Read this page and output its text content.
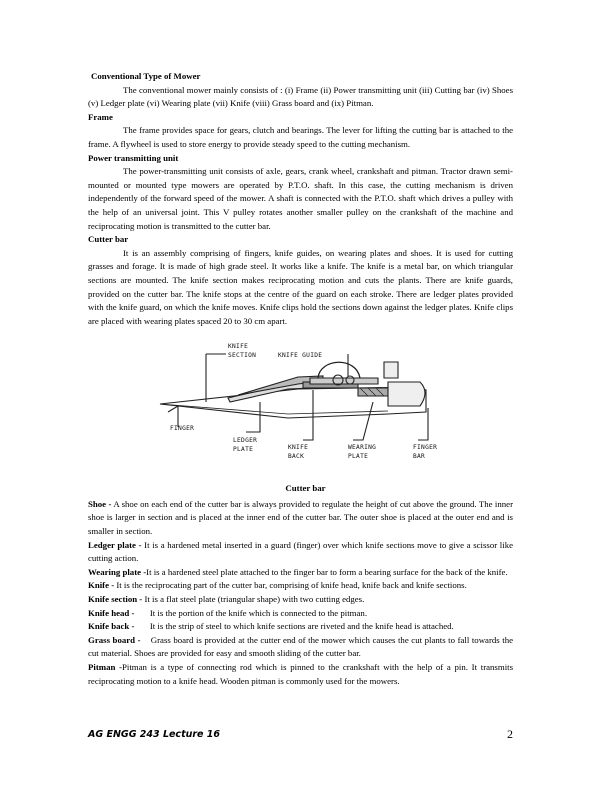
Conventional Type of Mower

The conventional mower mainly consists of : (i) Frame (ii) Power transmitting unit (iii) Cutting bar (iv) Shoes (v) Ledger plate (vi) Wearing plate (vii) Knife (viii) Grass board and (ix) Pitman.

Frame

The frame provides space for gears, clutch and bearings. The lever for lifting the cutting bar is attached to the frame. A flywheel is used to store energy to provide steady speed to the cutting mechanism.

Power transmitting unit

The power-transmitting unit consists of axle, gears, crank wheel, crankshaft and pitman. Tractor drawn semi-mounted or mounted type mowers are operated by P.T.O. shaft. In this case, the cutting mechanism is driven independently of the forward speed of the mower. A shaft is connected with the P.T.O. shaft which drives a pulley with the help of an universal joint. This V pulley rotates another smaller pulley on the crankshaft of the machine and reciprocating motion is transmitted to the cutter bar.

Cutter bar

It is an assembly comprising of fingers, knife guides, on wearing plates and shoes. It is used for cutting grasses and forage. It is made of high grade steel. It works like a knife. The knife is a metal bar, on which triangular sections are mounted. The knife section makes reciprocating motion and cuts the plants. There are knife guards, provided on the cutter bar. The knife stops at the centre of the guard on each stroke. There are ledger plates provided with the knife guard, on which the knife moves. Knife clips hold the sections down against the ledger plates. Knife clips are placed with wearing plates spaced 20 to 30 cm apart.

KNIFE
SECTION	KNIFE GUIDE
FINGER
LEDGER
PLATE	KNIFE
BACK
WEARING
PLATE
FINGER
BAR
Cutter bar

Shoe - A shoe on each end of the cutter bar is always provided to regulate the height of cut above the ground. The inner shoe is larger in section and is placed at the inner end of the cutter bar. The outer shoe is placed at the outer end and is smaller in section.

Ledger plate - It is a hardened metal inserted in a guard (finger) over which knife sections move to give a scissor like cutting action.

Wearing plate -It is a hardened steel plate attached to the finger bar to form a bearing surface for the back of the knife.

Knife - It is the reciprocating part of the cutter bar, comprising of knife head, knife back and knife sections.

Knife section - It is a flat steel plate (triangular shape) with two cutting edges.

Knife head - It is the portion of the knife which is connected to the pitman.

Knife back - It is the strip of steel to which knife sections are riveted and the knife head is attached.

Grass board - Grass board is provided at the cutter end of the mower which causes the cut plants to fall towards the cut material. Shoes are provided for easy and smooth sliding of the cutter bar.

Pitman -Pitman is a type of connecting rod which is pinned to the crankshaft with the help of a pin. It transmits reciprocating motion to a knife head. Wooden pitman is commonly used for the mowers.

AG ENGG 243 Lecture 16	2
